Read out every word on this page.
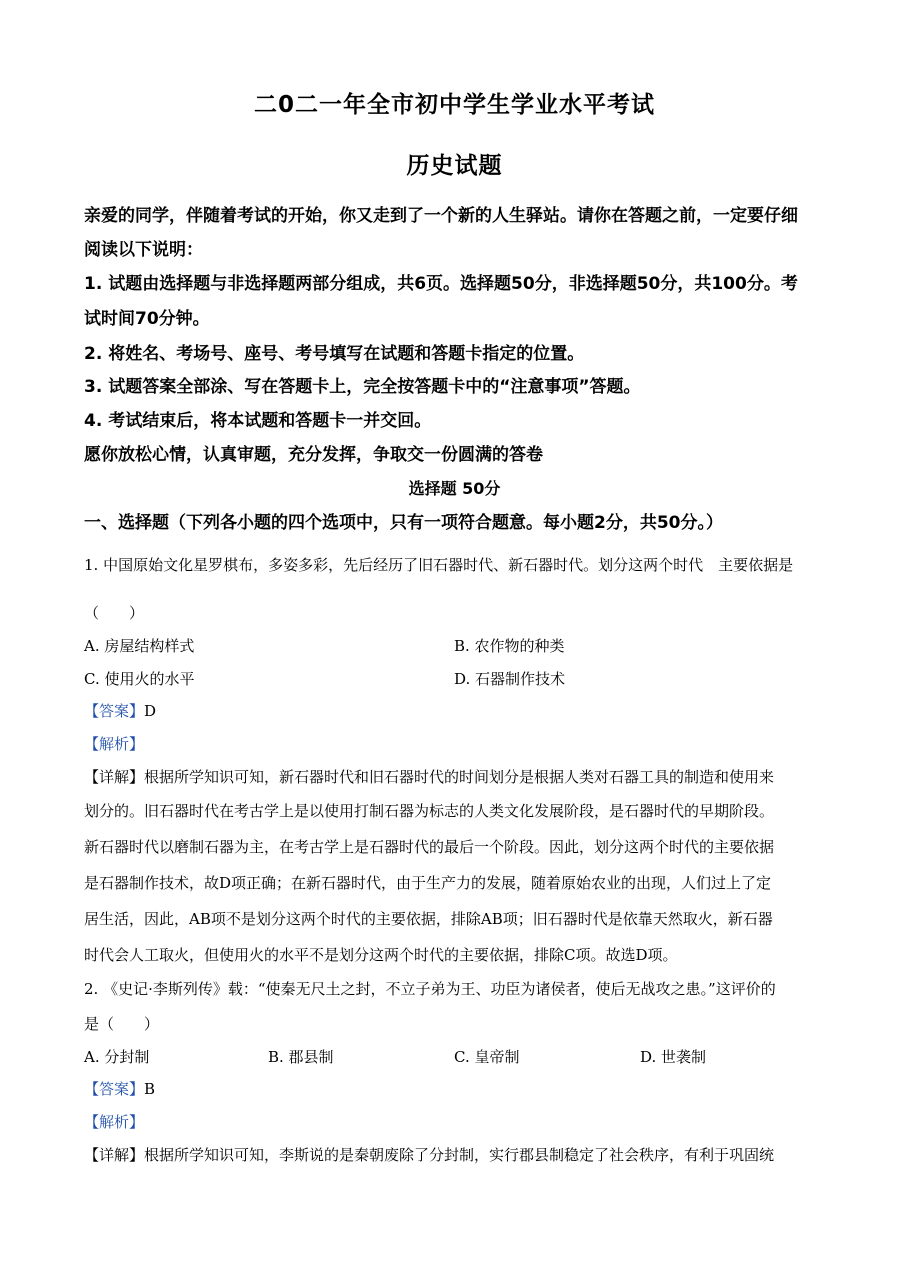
二0二一年全市初中学生学业水平考试
历史试题
亲爱的同学，伴随着考试的开始，你又走到了一个新的人生驿站。请你在答题之前，一定要仔细
阅读以下说明：
1. 试题由选择题与非选择题两部分组成，共6页。选择题50分，非选择题50分，共100分。考
试时间70分钟。
2. 将姓名、考场号、座号、考号填写在试题和答题卡指定的位置。
3. 试题答案全部涂、写在答题卡上，完全按答题卡中的“注意事项”答题。
4. 考试结束后，将本试题和答题卡一并交回。
愿你放松心情，认真审题，充分发挥，争取交一份圆满的答卷
选择题 50分
一、选择题（下列各小题的四个选项中，只有一项符合题意。每小题2分，共50分。）
1. 中国原始文化星罗棋布，多姿多彩，先后经历了旧石器时代、新石器时代。划分这两个时代　主要依据是
（　　）
A. 房屋结构样式	B. 农作物的种类
C. 使用火的水平	D. 石器制作技术
【答案】D
【解析】
【详解】根据所学知识可知，新石器时代和旧石器时代的时间划分是根据人类对石器工具的制造和使用来
划分的。旧石器时代在考古学上是以使用打制石器为标志的人类文化发展阶段，是石器时代的早期阶段。
新石器时代以磨制石器为主，在考古学上是石器时代的最后一个阶段。因此，划分这两个时代的主要依据
是石器制作技术，故D项正确；在新石器时代，由于生产力的发展，随着原始农业的出现，人们过上了定
居生活，因此，AB项不是划分这两个时代的主要依据，排除AB项；旧石器时代是依靠天然取火，新石器
时代会人工取火，但使用火的水平不是划分这两个时代的主要依据，排除C项。故选D项。
2. 《史记·李斯列传》载：“使秦无尺土之封，不立子弟为王、功臣为诸侯者，使后无战攻之患。”这评价的
是（　　）
A. 分封制	B. 郡县制	C. 皇帝制	D. 世袭制
【答案】B
【解析】
【详解】根据所学知识可知，李斯说的是秦朝废除了分封制，实行郡县制稳定了社会秩序，有利于巩固统
